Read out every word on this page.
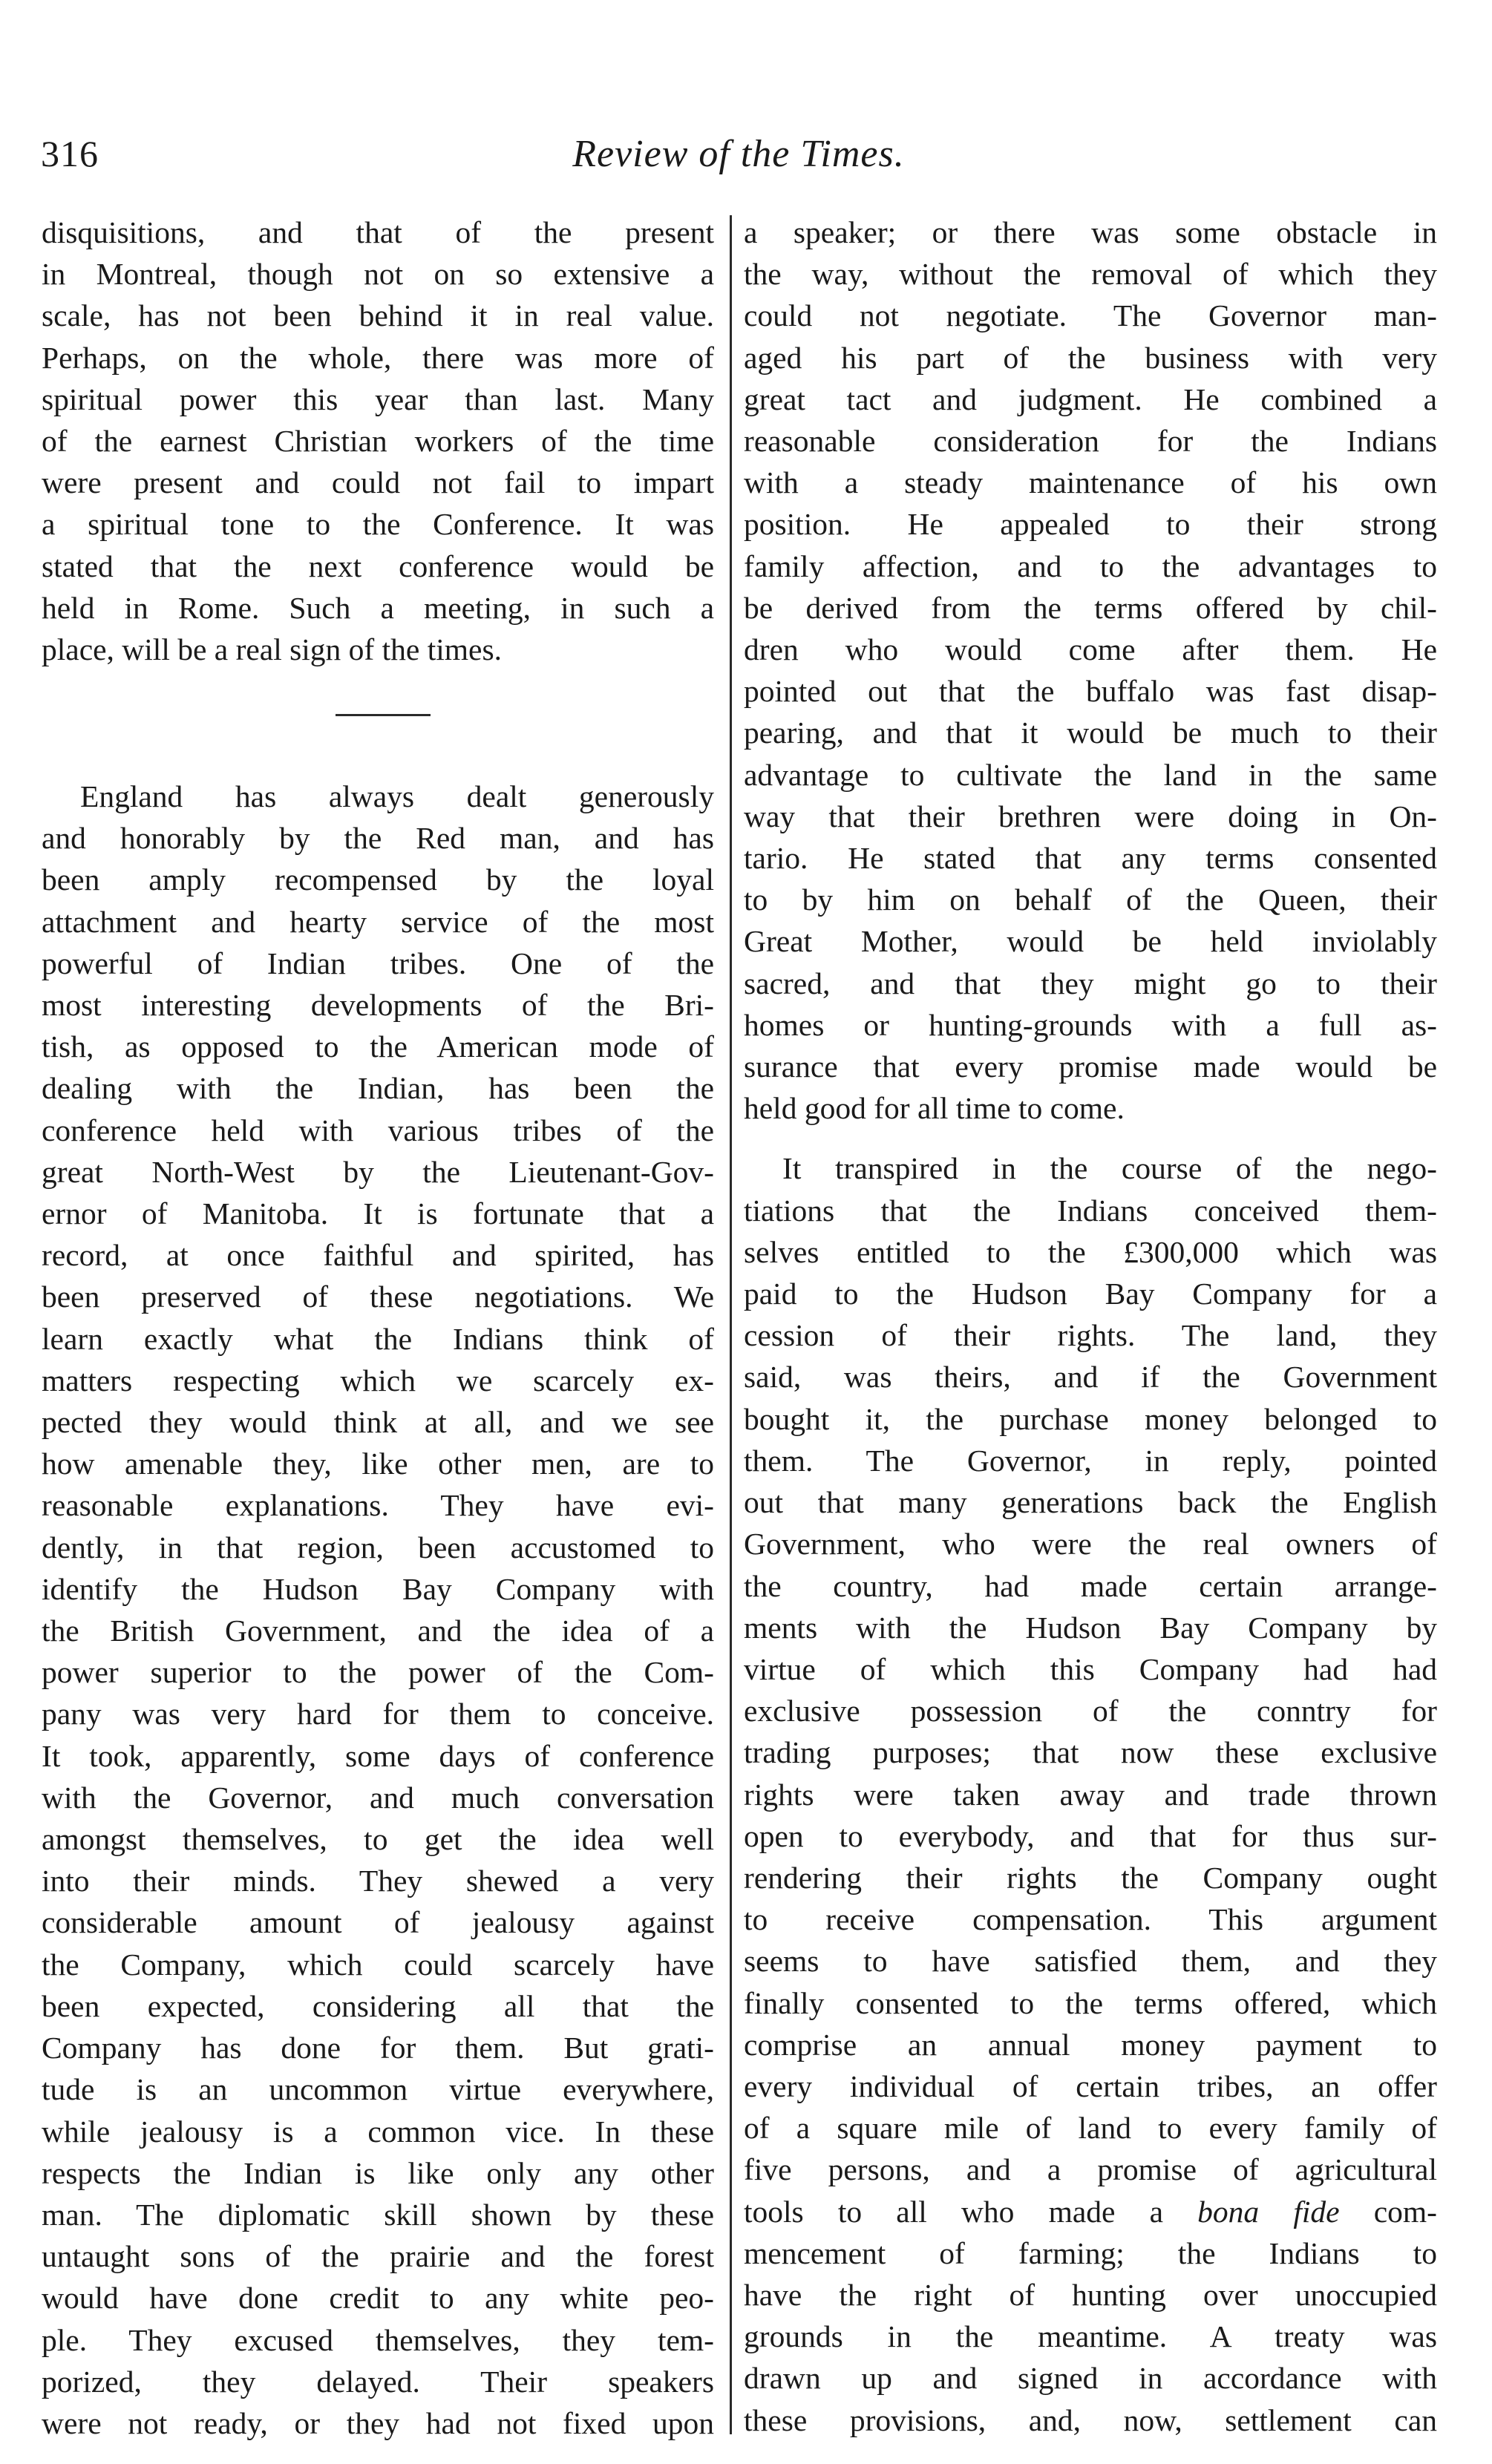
316	Review of the Times.
disquisitions, and that of the present
in Montreal, though not on so extensive a
scale, has not been behind it in real value.
Perhaps, on the whole, there was more of
spiritual power this year than last. Many
of the earnest Christian workers of the time
were present and could not fail to impart
a spiritual tone to the Conference. It was
stated that the next conference would be
held in Rome. Such a meeting, in such a
place, will be a real sign of the times.
England has always dealt generously
and honorably by the Red man, and has
been amply recompensed by the loyal
attachment and hearty service of the most
powerful of Indian tribes. One of the
most interesting developments of the Bri-
tish, as opposed to the American mode of
dealing with the Indian, has been the
conference held with various tribes of the
great North-West by the Lieutenant-Gov-
ernor of Manitoba. It is fortunate that a
record, at once faithful and spirited, has
been preserved of these negotiations. We
learn exactly what the Indians think of
matters respecting which we scarcely ex-
pected they would think at all, and we see
how amenable they, like other men, are to
reasonable explanations. They have evi-
dently, in that region, been accustomed to
identify the Hudson Bay Company with
the British Government, and the idea of a
power superior to the power of the Com-
pany was very hard for them to conceive.
It took, apparently, some days of conference
with the Governor, and much conversation
amongst themselves, to get the idea well
into their minds. They shewed a very
considerable amount of jealousy against
the Company, which could scarcely have
been expected, considering all that the
Company has done for them. But grati-
tude is an uncommon virtue everywhere,
while jealousy is a common vice. In these
respects the Indian is like only any other
man. The diplomatic skill shown by these
untaught sons of the prairie and the forest
would have done credit to any white peo-
ple. They excused themselves, they tem-
porized, they delayed. Their speakers
were not ready, or they had not fixed upon
a speaker; or there was some obstacle in
the way, without the removal of which they
could not negotiate. The Governor man-
aged his part of the business with very
great tact and judgment. He combined a
reasonable consideration for the Indians
with a steady maintenance of his own
position. He appealed to their strong
family affection, and to the advantages to
be derived from the terms offered by chil-
dren who would come after them. He
pointed out that the buffalo was fast disap-
pearing, and that it would be much to their
advantage to cultivate the land in the same
way that their brethren were doing in On-
tario. He stated that any terms consented
to by him on behalf of the Queen, their
Great Mother, would be held inviolably
sacred, and that they might go to their
homes or hunting-grounds with a full as-
surance that every promise made would be
held good for all time to come.
It transpired in the course of the nego-
tiations that the Indians conceived them-
selves entitled to the £300,000 which was
paid to the Hudson Bay Company for a
cession of their rights. The land, they
said, was theirs, and if the Government
bought it, the purchase money belonged to
them. The Governor, in reply, pointed
out that many generations back the English
Government, who were the real owners of
the country, had made certain arrange-
ments with the Hudson Bay Company by
virtue of which this Company had had
exclusive possession of the conntry for
trading purposes; that now these exclusive
rights were taken away and trade thrown
open to everybody, and that for thus sur-
rendering their rights the Company ought
to receive compensation. This argument
seems to have satisfied them, and they
finally consented to the terms offered, which
comprise an annual money payment to
every individual of certain tribes, an offer
of a square mile of land to every family of
five persons, and a promise of agricultural
tools to all who made a bona fide com-
mencement of farming; the Indians to
have the right of hunting over unoccupied
grounds in the meantime. A treaty was
drawn up and signed in accordance with
these provisions, and, now, settlement can
